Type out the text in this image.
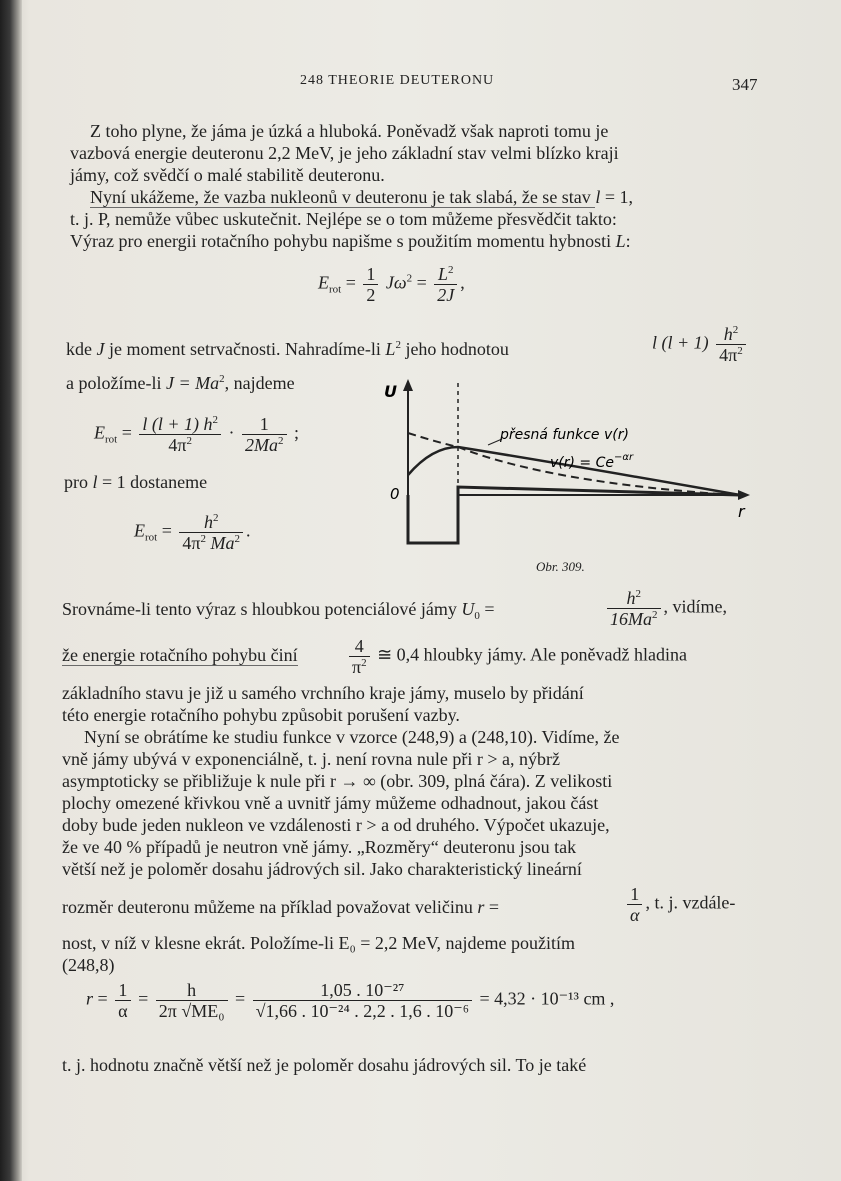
248 THEORIE DEUTERONU	347
Z toho plyne, že jáma je úzká a hluboká. Poněvadž však naproti tomu je
vazbová energie deuteronu 2,2 MeV, je jeho základní stav velmi blízko kraji
jámy, což svědčí o malé stabilitě deuteronu.
Nyní ukážeme, že vazba nukleonů v deuteronu je tak slabá, že se stav l = 1,
t. j. P, nemůže vůbec uskutečnit. Nejlépe se o tom můžeme přesvědčit takto:
Výraz pro energii rotačního pohybu napišme s použitím momentu hybnosti L:
$E_{rot} = \frac{1}{2} J\omega^2 = \frac{L^2}{2J}$ ,
kde J je moment setrvačnosti. Nahradíme-li $L^2$ jeho hodnotou	l $(l + 1) \frac{h^2}{4\pi^2}$
a položíme-li $J = Ma^2$, najdeme
$E_{rot} = \frac{l (l + 1) h^2}{4\pi^2} \cdot \frac{1}{2Ma^2}$ ;
pro l = 1 dostaneme
$E_{rot} = \frac{h^2}{4\pi^2 Ma^2}$ .
U
r
0
přesná funkce v(r)
$v(r) = Ce^{-\alpha r}$
Obr. 309.
Srovnáme-li tento výraz s hloubkou potenciálové jámy $U_0$ =	$\frac{h^2}{16Ma^2}$ , vidíme,
že energie rotačního pohybu činí	$\frac{4}{\pi^2}$ ≅ 0,4 hloubky jámy. Ale poněvadž hladina
základního stavu je již u samého vrchního kraje jámy, muselo by přidání
této energie rotačního pohybu způsobit porušení vazby.
Nyní se obrátíme ke studiu funkce v vzorce (248,9) a (248,10). Vidíme, že
vně jámy ubývá v exponenciálně, t. j. není rovna nule při r > a, nýbrž
asymptoticky se přibližuje k nule při r → ∞ (obr. 309, plná čára). Z velikosti
plochy omezené křivkou vně a uvnitř jámy můžeme odhadnout, jakou část
doby bude jeden nukleon ve vzdálenosti r > a od druhého. Výpočet ukazuje,
že ve 40 % případů je neutron vně jámy. „Rozměry“ deuteronu jsou tak
větší než je poloměr dosahu jádrových sil. Jako charakteristický lineární
rozměr deuteronu můžeme na příklad považovat veličinu r =	$\frac{1}{\alpha}$ , t. j. vzdále-
nost, v níž v klesne ekrát. Položíme-li E₀ = 2,2 MeV, najdeme použitím
(248,8)
$r = \frac{1}{\alpha} = \frac{h}{\text{2π √ME₀}} = \frac{\text{1,05 . 10⁻²⁷}}{\text{√1,66 . 10⁻²⁴ . 2,2 . 1,6 . 10⁻⁶}} = 4,32 \cdot 10^{-13}$ cm ,
t. j. hodnotu značně větší než je poloměr dosahu jádrových sil. To je také
